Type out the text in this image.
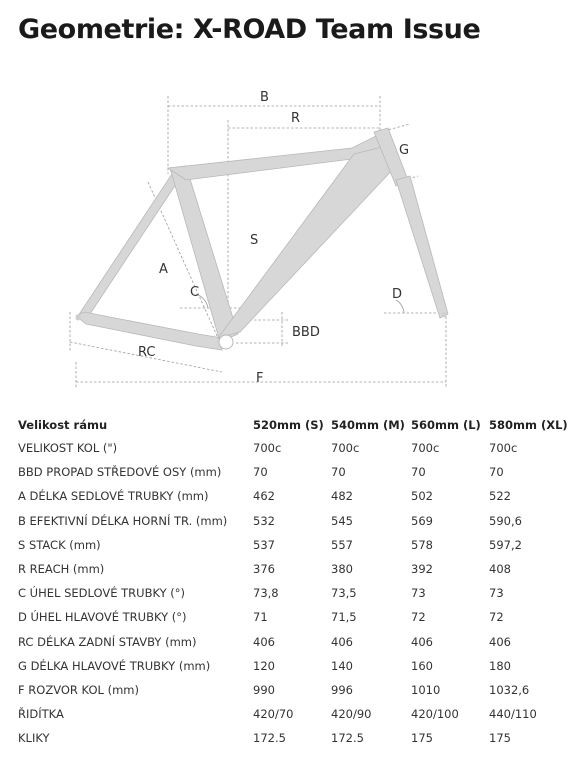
Geometrie: X-ROAD Team Issue
B
R
G
S
A
C	D
BBD
RC
F
Velikost rámu	520mm (S)	540mm (M)	560mm (L)	580mm (XL)
VELIKOST KOL (")	700c	700c	700c	700c
BBD PROPAD STŘEDOVÉ OSY (mm)	70	70	70	70
A DÉLKA SEDLOVÉ TRUBKY (mm)	462	482	502	522
B EFEKTIVNÍ DÉLKA HORNÍ TR. (mm)	532	545	569	590,6
S STACK (mm)	537	557	578	597,2
R REACH (mm)	376	380	392	408
C ÚHEL SEDLOVÉ TRUBKY (°)	73,8	73,5	73	73
D ÚHEL HLAVOVÉ TRUBKY (°)	71	71,5	72	72
RC DÉLKA ZADNÍ STAVBY (mm)	406	406	406	406
G DÉLKA HLAVOVÉ TRUBKY (mm)	120	140	160	180
F ROZVOR KOL (mm)	990	996	1010	1032,6
ŘIDÍTKA	420/70	420/90	420/100	440/110
KLIKY	172.5	172.5	175	175
